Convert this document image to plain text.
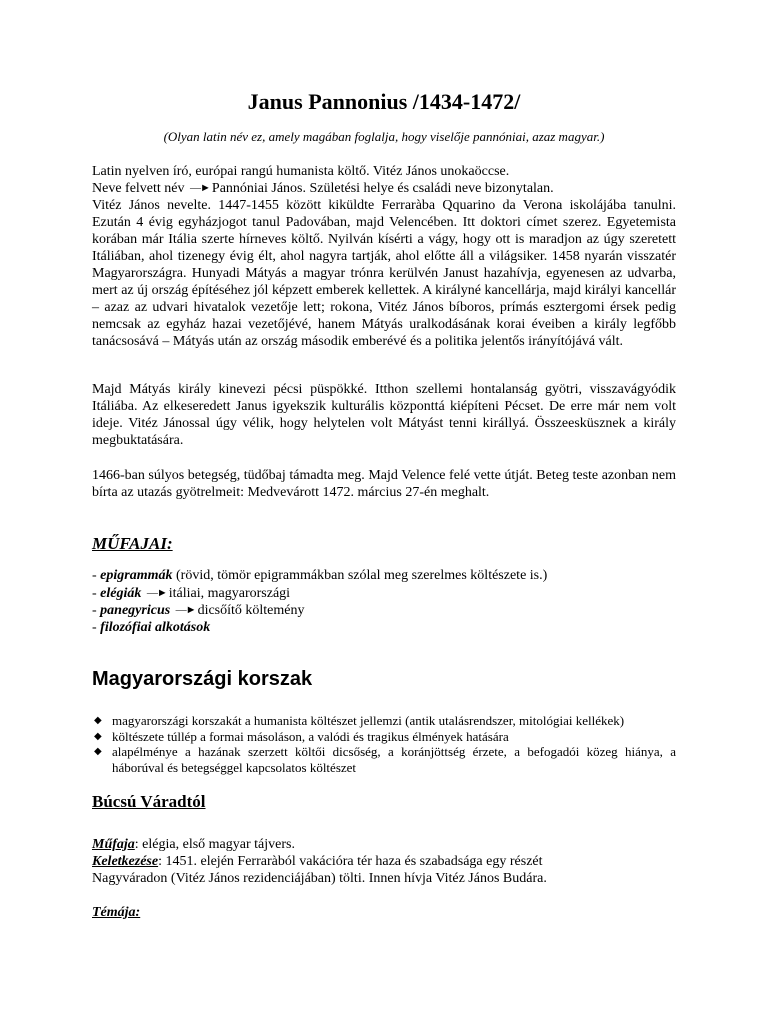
Janus Pannonius /1434-1472/
(Olyan latin név ez, amely magában foglalja, hogy viselője pannóniai, azaz magyar.)
Latin nyelven író, európai rangú humanista költő. Vitéz János unokaöccse.
Neve felvett név —► Pannóniai János. Születési helye és családi neve bizonytalan.
Vitéz János nevelte. 1447-1455 között kiküldte Ferraràba Qquarino da Verona iskolájába tanulni. Ezután 4 évig egyházjogot tanul Padovában, majd Velencében. Itt doktori címet szerez. Egyetemista korában már Itália szerte hírneves költő. Nyilván kísérti a vágy, hogy ott is maradjon az úgy szeretett Itáliában, ahol tizenegy évig élt, ahol nagyra tartják, ahol előtte áll a világsiker. 1458 nyarán visszatér Magyarországra. Hunyadi Mátyás a magyar trónra kerülvén Janust hazahívja, egyenesen az udvarba, mert az új ország építéséhez jól képzett emberek kellettek. A királyné kancellárja, majd királyi kancellár – azaz az udvari hivatalok vezetője lett; rokona, Vitéz János bíboros, prímás esztergomi érsek pedig nemcsak az egyház hazai vezetőjévé, hanem Mátyás uralkodásának korai éveiben a király legfőbb tanácsosává – Mátyás után az ország második emberévé és a politika jelentős irányítójává vált.
Majd Mátyás király kinevezi pécsi püspökké. Itthon szellemi hontalanság gyötri, visszavágyódik Itáliába. Az elkeseredett Janus igyekszik kulturális központtá kiépíteni Pécset. De erre már nem volt ideje. Vitéz Jánossal úgy vélik, hogy helytelen volt Mátyást tenni királlyá. Összeesküsznek a király megbuktatására.
1466-ban súlyos betegség, tüdőbaj támadta meg. Majd Velence felé vette útját. Beteg teste azonban nem bírta az utazás gyötrelmeit: Medvevárott 1472. március 27-én meghalt.
MŰFAJAI:
- epigrammák (rövid, tömör epigrammákban szólal meg szerelmes költészete is.)
- elégiák —► itáliai, magyarországi
- panegyricus —► dicsőítő költemény
- filozófiai alkotások
Magyarországi korszak
◆ magyarországi korszakát a humanista költészet jellemzi (antik utalásrendszer, mitológiai kellékek)
◆ költészete túllép a formai másoláson, a valódi és tragikus élmények hatására
◆ alapélménye a hazának szerzett költői dicsőség, a koránjöttség érzete, a befogadói közeg hiánya, a háborúval és betegséggel kapcsolatos költészet
Búcsú Váradtól
Műfaja: elégia, első magyar tájvers.
Keletkezése: 1451. elején Ferraràból vakációra tér haza és szabadsága egy részét
Nagyváradon (Vitéz János rezidenciájában) tölti. Innen hívja Vitéz János Budára.
Témája:
